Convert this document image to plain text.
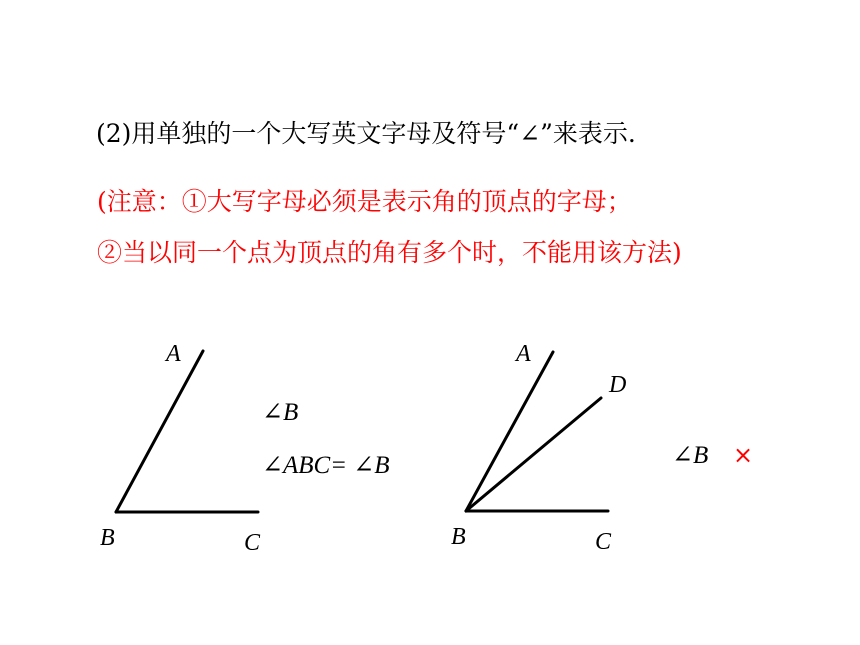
(2)用单独的一个大写英文字母及符号“∠”来表示.
(注意：①大写字母必须是表示角的顶点的字母；
②当以同一个点为顶点的角有多个时，不能用该方法)
A
B	C
∠B
∠ABC= ∠B
A
D
B	C
∠B ×
